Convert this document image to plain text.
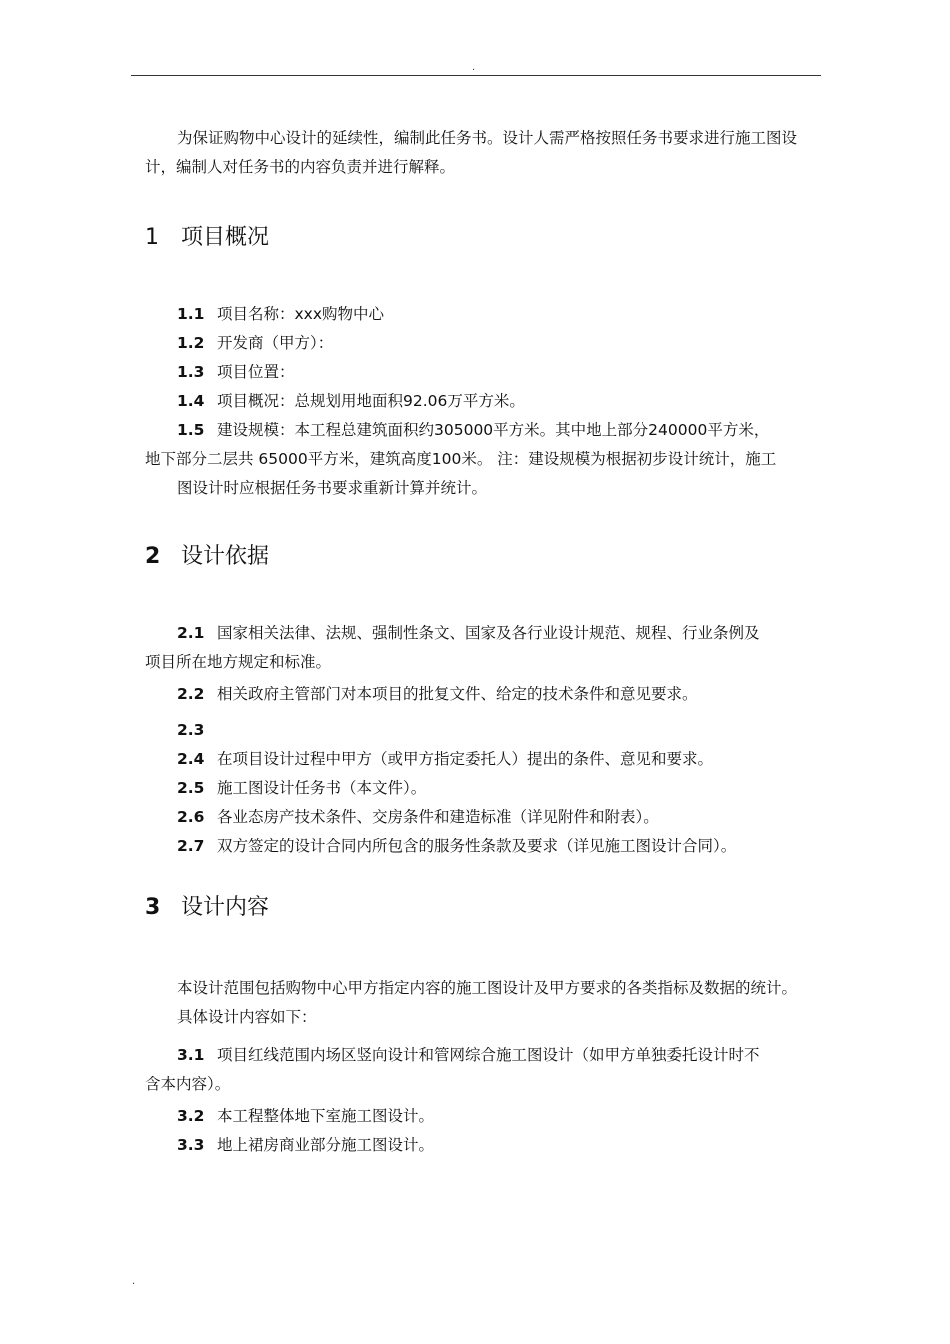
.

为保证购物中心设计的延续性，编制此任务书。设计人需严格按照任务书要求进行施工图设计，编制人对任务书的内容负责并进行解释。

1 项目概况

1.1 项目名称：xxx购物中心

1.2 开发商（甲方）：

1.3 项目位置：

1.4 项目概况：总规划用地面积92.06万平方米。

1.5 建设规模：本工程总建筑面积约305000平方米。其中地上部分240000平方米，
地下部分二层共 65000平方米，建筑高度100米。 注：建设规模为根据初步设计统计，施工
图设计时应根据任务书要求重新计算并统计。

2 设计依据

2.1 国家相关法律、法规、强制性条文、国家及各行业设计规范、规程、行业条例及
项目所在地方规定和标准。

2.2 相关政府主管部门对本项目的批复文件、给定的技术条件和意见要求。

2.3

2.4 在项目设计过程中甲方（或甲方指定委托人）提出的条件、意见和要求。

2.5 施工图设计任务书（本文件）。

2.6 各业态房产技术条件、交房条件和建造标准（详见附件和附表）。

2.7 双方签定的设计合同内所包含的服务性条款及要求（详见施工图设计合同）。

3 设计内容

本设计范围包括购物中心甲方指定内容的施工图设计及甲方要求的各类指标及数据的统计。

具体设计内容如下：

3.1 项目红线范围内场区竖向设计和管网综合施工图设计（如甲方单独委托设计时不
含本内容）。

3.2 本工程整体地下室施工图设计。

3.3 地上裙房商业部分施工图设计。

.
